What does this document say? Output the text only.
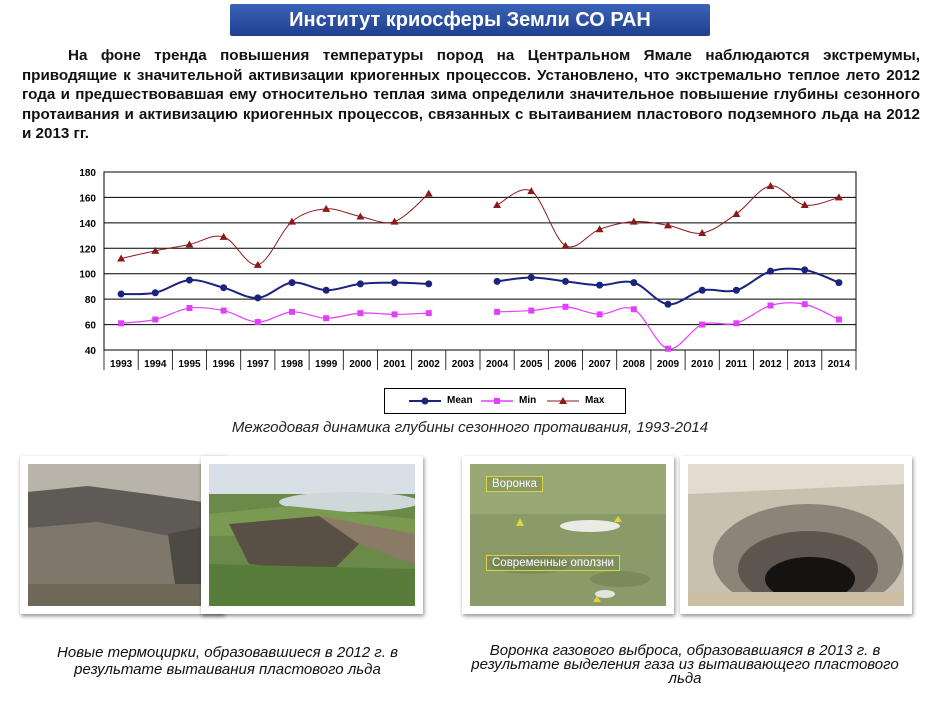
Институт криосферы Земли СО РАН
На фоне тренда повышения температуры пород на Центральном Ямале наблюдаются экстремумы, приводящие к значительной активизации криогенных процессов. Установлено, что экстремально теплое лето 2012 года и предшествовавшая ему относительно теплая зима определили значительное повышение глубины сезонного протаивания и активизацию криогенных процессов, связанных с вытаиванием пластового подземного льда на 2012 и 2013 гг.
40
60
80
100
120
140
160
180
1993 1994 1995 1996 1997 1998 1999 2000 2001 2002 2003 2004 2005 2006 2007 2008 2009 2010 2011 2012 2013 2014
Mean	Min	Max
Межгодовая динамика глубины сезонного протаивания, 1993-2014
Воронка
Современные оползни
Новые термоцирки, образовавшиеся в 2012 г. в результате вытаивания пластового льда
Воронка газового выброса, образовавшаяся в 2013 г. в результате выделения газа из вытаивающего пластового льда
